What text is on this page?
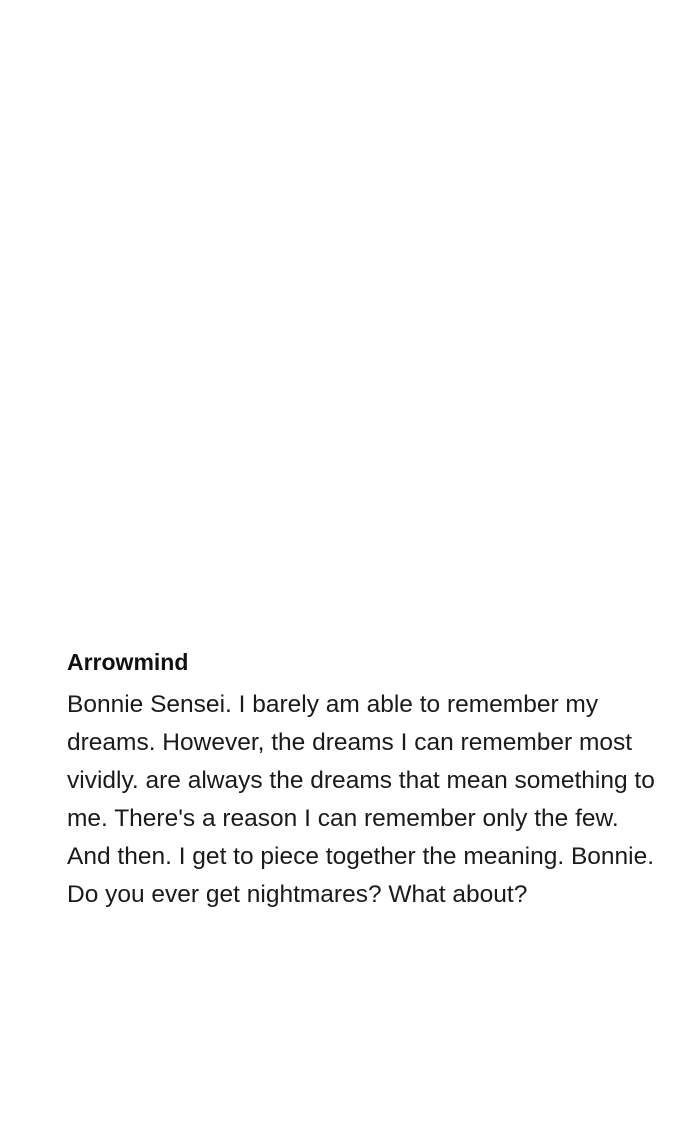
Arrowmind

Bonnie Sensei. I barely am able to remember my dreams. However, the dreams I can remember most vividly. are always the dreams that mean something to me. There's a reason I can remember only the few. And then. I get to piece together the meaning. Bonnie. Do you ever get nightmares? What about?
